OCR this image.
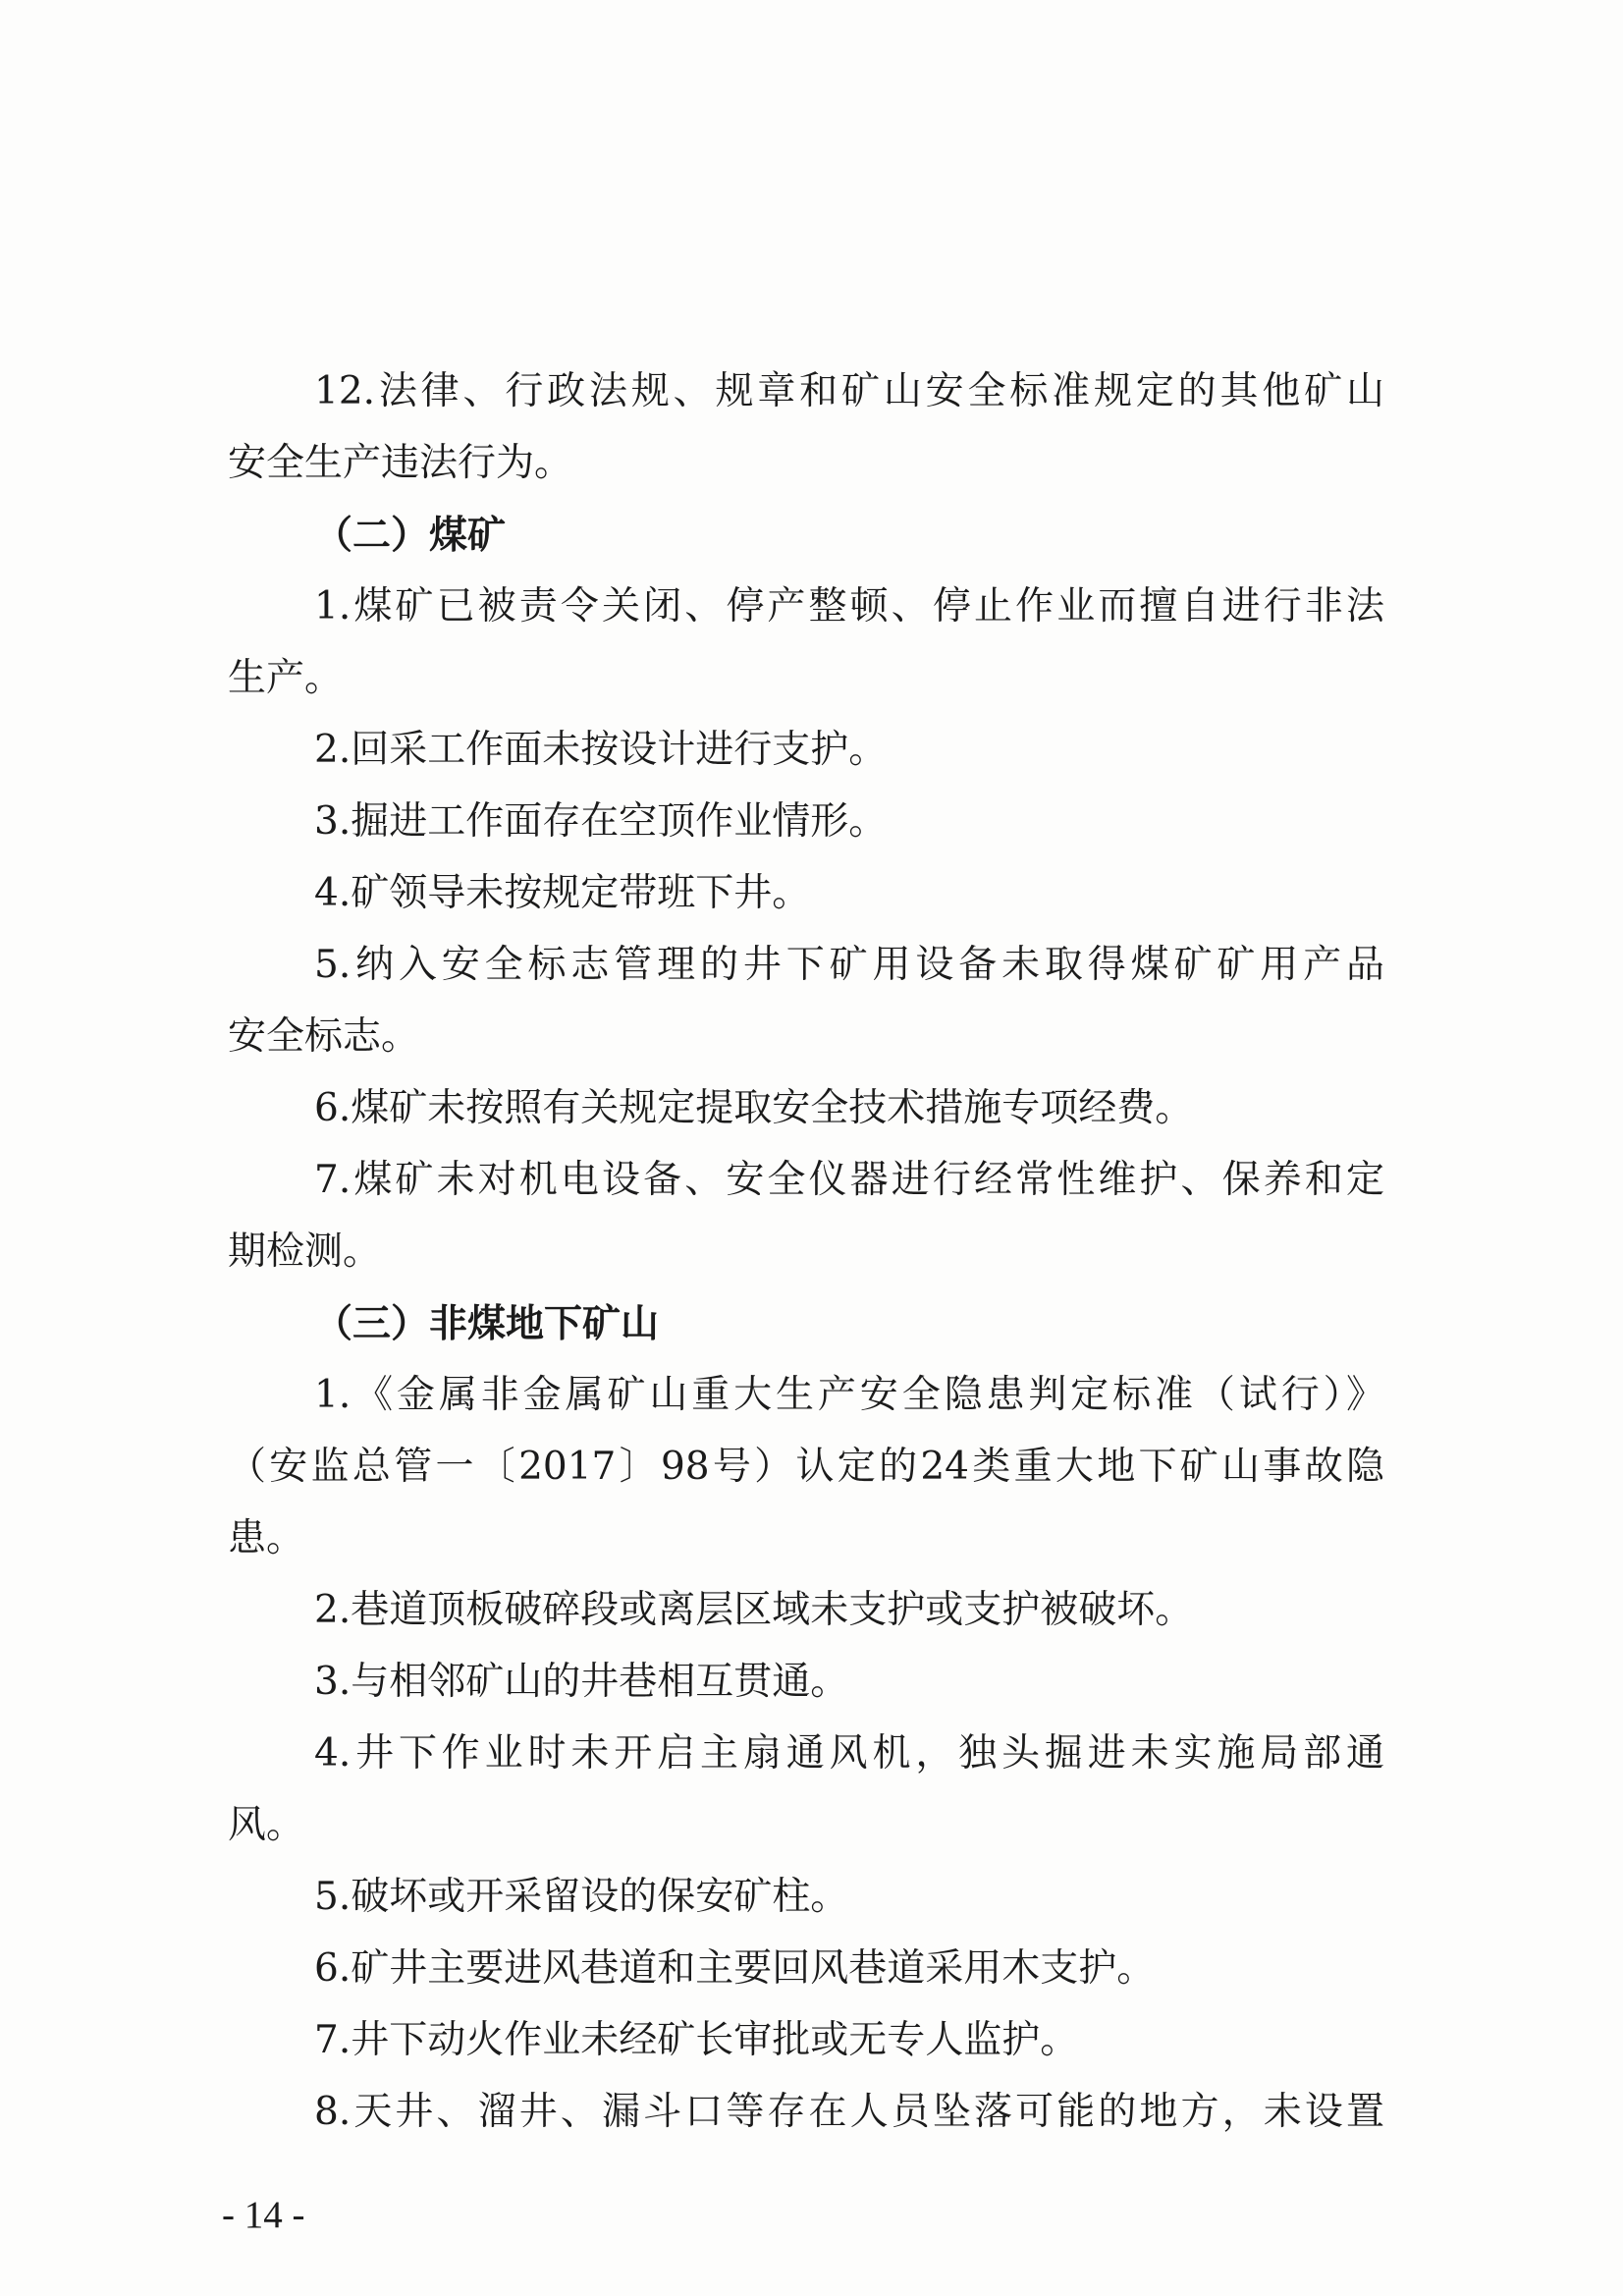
12.法律、行政法规、规章和矿山安全标准规定的其他矿山
安全生产违法行为。
（二）煤矿
1.煤矿已被责令关闭、停产整顿、停止作业而擅自进行非法
生产。
2.回采工作面未按设计进行支护。
3.掘进工作面存在空顶作业情形。
4.矿领导未按规定带班下井。
5.纳入安全标志管理的井下矿用设备未取得煤矿矿用产品
安全标志。
6.煤矿未按照有关规定提取安全技术措施专项经费。
7.煤矿未对机电设备、安全仪器进行经常性维护、保养和定
期检测。
（三）非煤地下矿山
1.《金属非金属矿山重大生产安全隐患判定标准（试行）》
（安监总管一〔2017〕98号）认定的24类重大地下矿山事故隐
患。
2.巷道顶板破碎段或离层区域未支护或支护被破坏。
3.与相邻矿山的井巷相互贯通。
4.井下作业时未开启主扇通风机，独头掘进未实施局部通
风。
5.破坏或开采留设的保安矿柱。
6.矿井主要进风巷道和主要回风巷道采用木支护。
7.井下动火作业未经矿长审批或无专人监护。
8.天井、溜井、漏斗口等存在人员坠落可能的地方，未设置
- 14 -
